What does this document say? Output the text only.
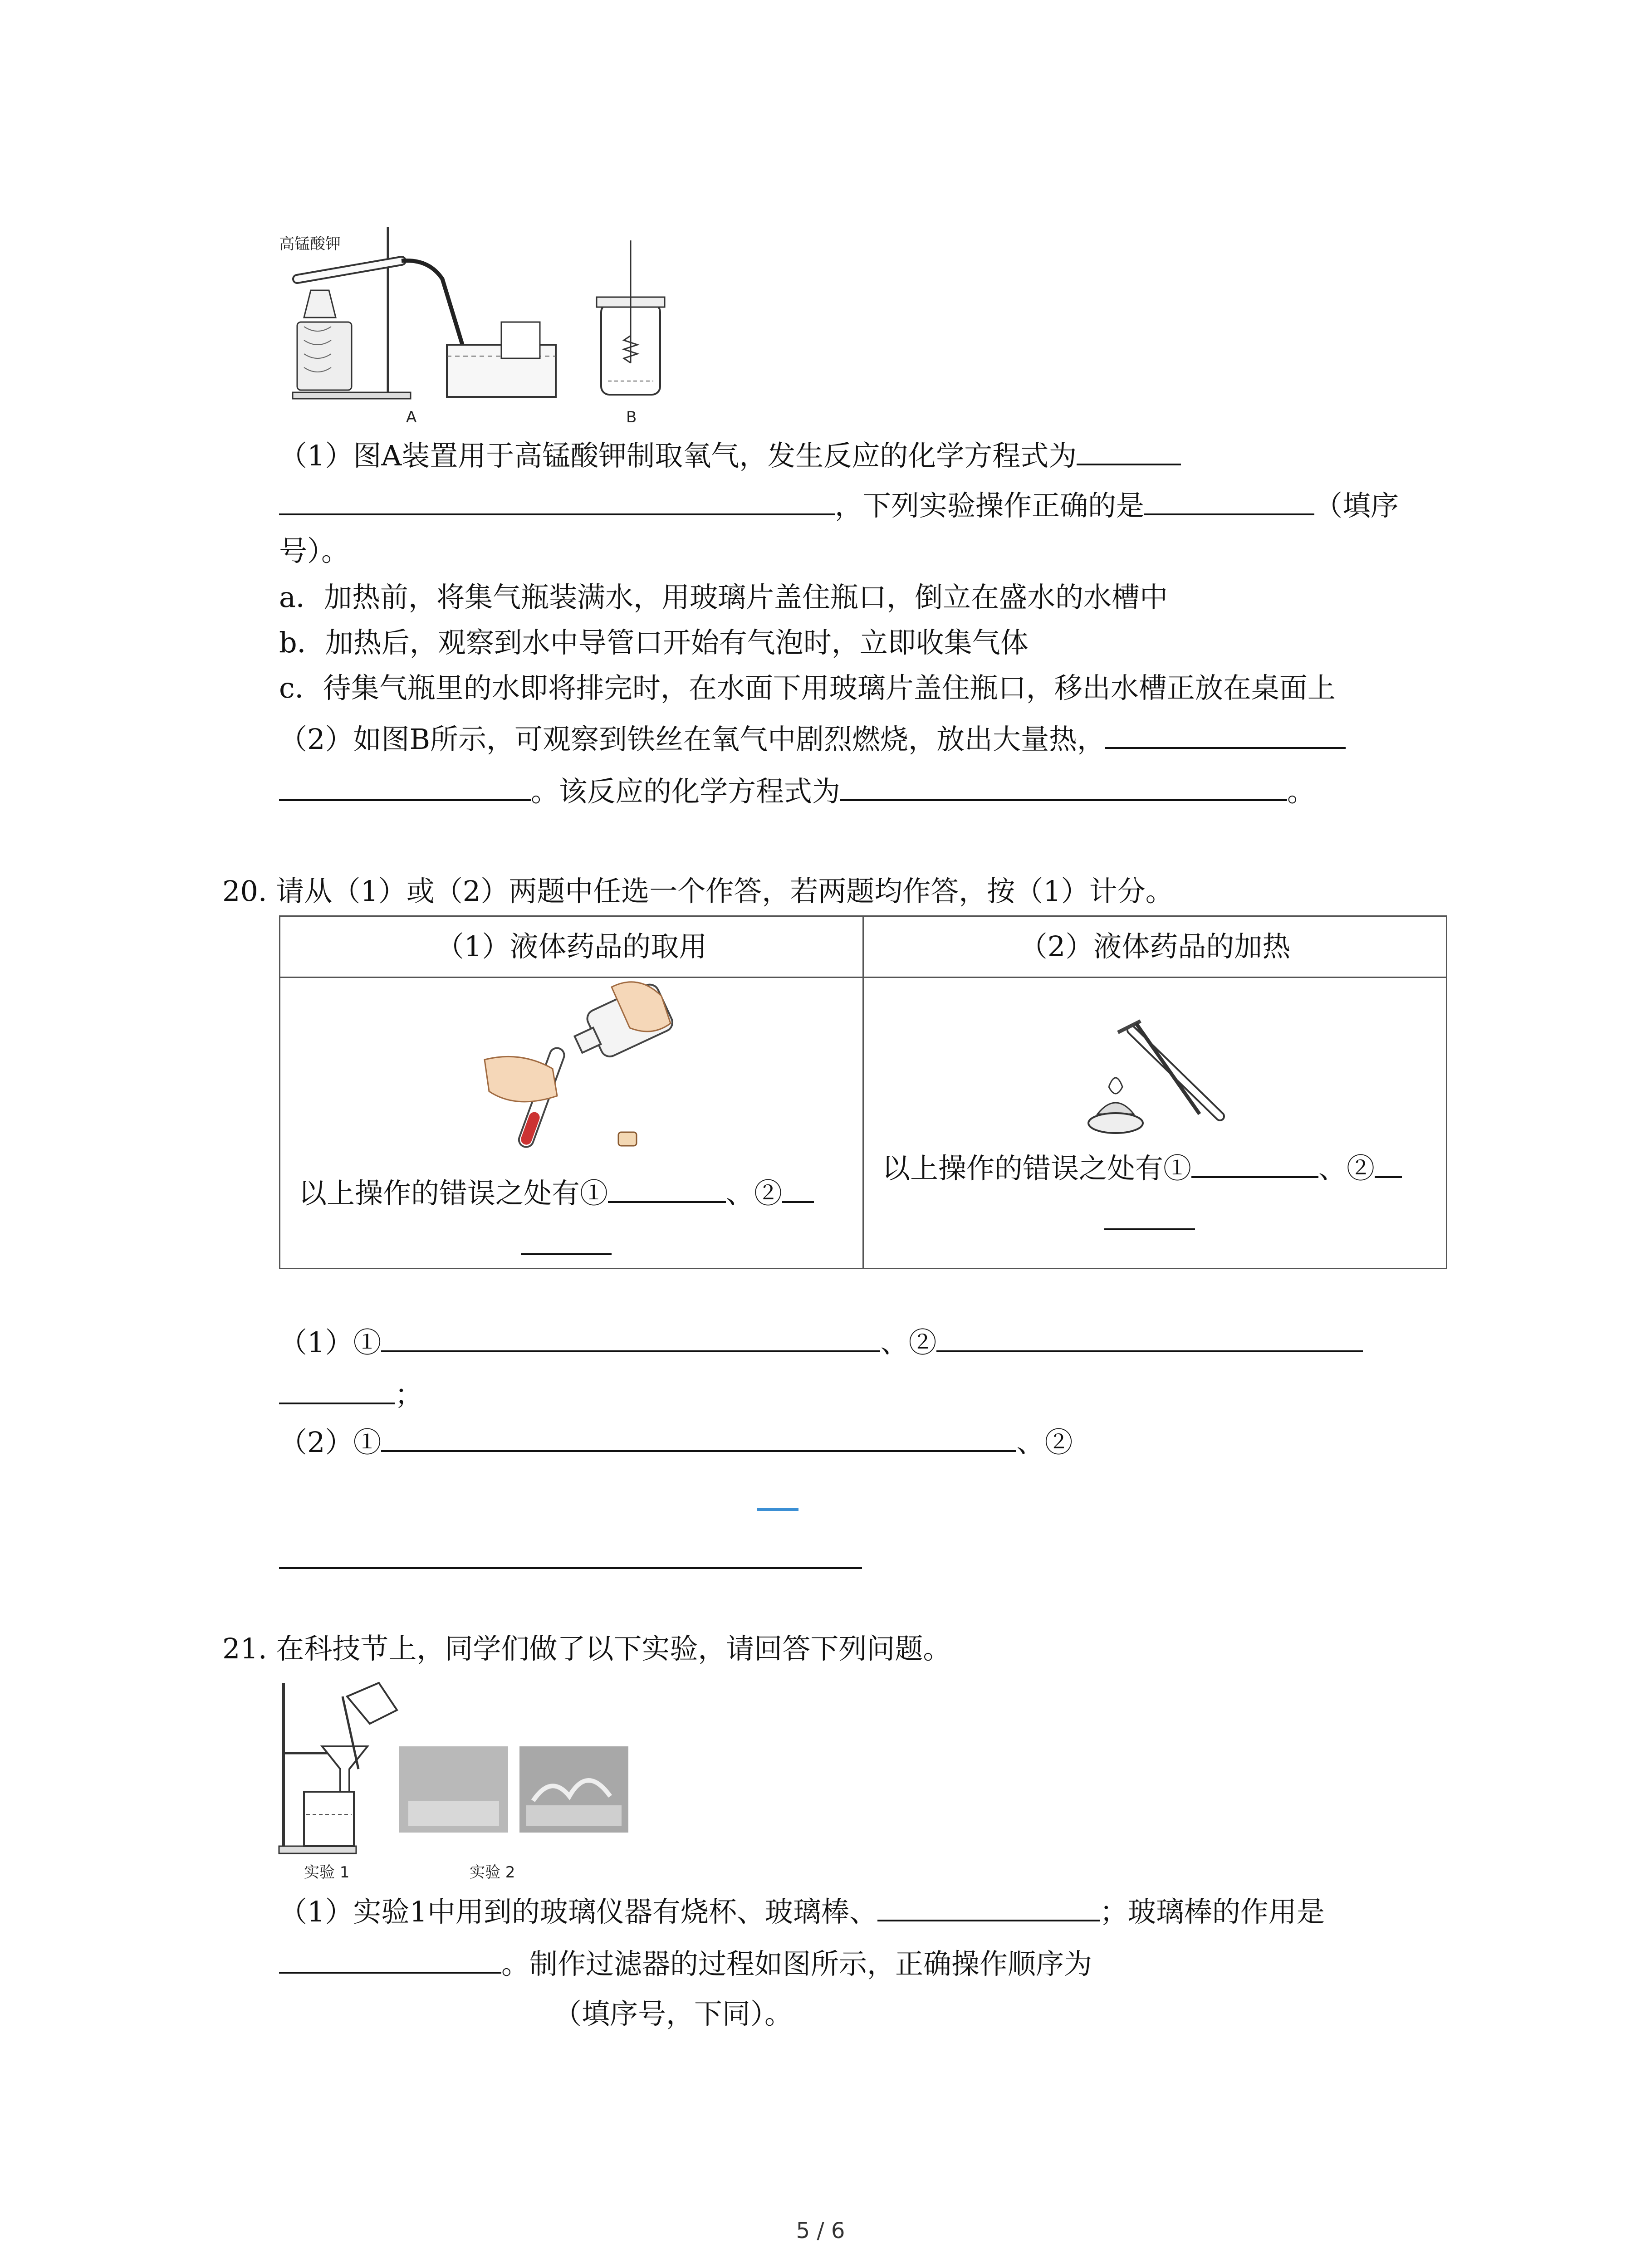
高锰酸钾
A	B
（1）图A装置用于高锰酸钾制取氧气，发生反应的化学方程式为
，下列实验操作正确的是	（填序
号）。
a．加热前，将集气瓶装满水，用玻璃片盖住瓶口，倒立在盛水的水槽中
b．加热后，观察到水中导管口开始有气泡时，立即收集气体
c．待集气瓶里的水即将排完时，在水面下用玻璃片盖住瓶口，移出水槽正放在桌面上
（2）如图B所示，可观察到铁丝在氧气中剧烈燃烧，放出大量热，
。该反应的化学方程式为	。
20. 请从（1）或（2）两题中任选一个作答，若两题均作答，按（1）计分。
（1）液体药品的取用	（2）液体药品的加热

以上操作的错误之处有① 、②	以上操作的错误之处有① 、②
（1）①	、②
；
（2）①	、②
21. 在科技节上，同学们做了以下实验，请回答下列问题。
实验 1	实验 2
（1）实验1中用到的玻璃仪器有烧杯、玻璃棒、	；玻璃棒的作用是
。制作过滤器的过程如图所示，正确操作顺序为
（填序号，下同）。
5 / 6
